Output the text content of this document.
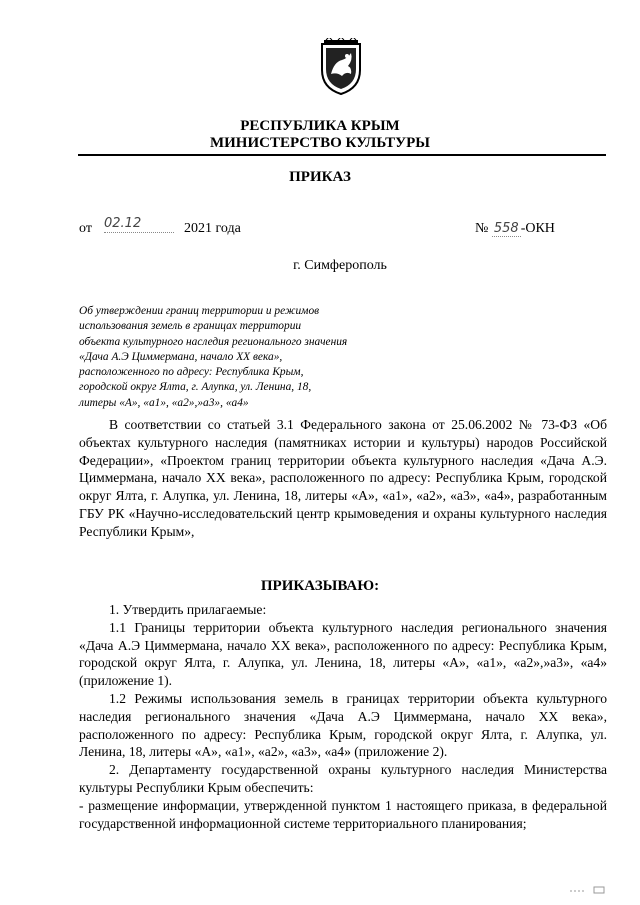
РЕСПУБЛИКА КРЫМ
МИНИСТЕРСТВО КУЛЬТУРЫ
ПРИКАЗ
от 02.12	2021 года	№ 558 -ОКН
г. Симферополь
Об утверждении границ территории и режимов
использования земель в границах территории
объекта культурного наследия регионального значения
«Дача А.Э Циммермана, начало XX века»,
расположенного по адресу: Республика Крым,
городской округ Ялта, г. Алупка, ул. Ленина, 18,
литеры «А», «а1», «а2»,»а3», «а4»
В соответствии со статьей 3.1 Федерального закона от 25.06.2002 № 73-ФЗ «Об объектах культурного наследия (памятниках истории и культуры) народов Российской Федерации», «Проектом границ территории объекта культурного наследия «Дача А.Э. Циммермана, начало XX века», расположенного по адресу: Республика Крым, городской округ Ялта, г. Алупка, ул. Ленина, 18, литеры «А», «а1», «а2», «а3», «а4», разработанным ГБУ РК «Научно-исследовательский центр крымоведения и охраны культурного наследия Республики Крым»,
ПРИКАЗЫВАЮ:
1. Утвердить прилагаемые:
1.1 Границы территории объекта культурного наследия регионального значения «Дача А.Э Циммермана, начало XX века», расположенного по адресу: Республика Крым, городской округ Ялта, г. Алупка, ул. Ленина, 18, литеры «А», «а1», «а2»,»а3», «а4» (приложение 1).
1.2 Режимы использования земель в границах территории объекта культурного наследия регионального значения «Дача А.Э Циммермана, начало XX века», расположенного по адресу: Республика Крым, городской округ Ялта, г. Алупка, ул. Ленина, 18, литеры «А», «а1», «а2», «а3», «а4» (приложение 2).
2. Департаменту государственной охраны культурного наследия Министерства культуры Республики Крым обеспечить:
- размещение информации, утвержденной пунктом 1 настоящего приказа, в федеральной государственной информационной системе территориального планирования;
